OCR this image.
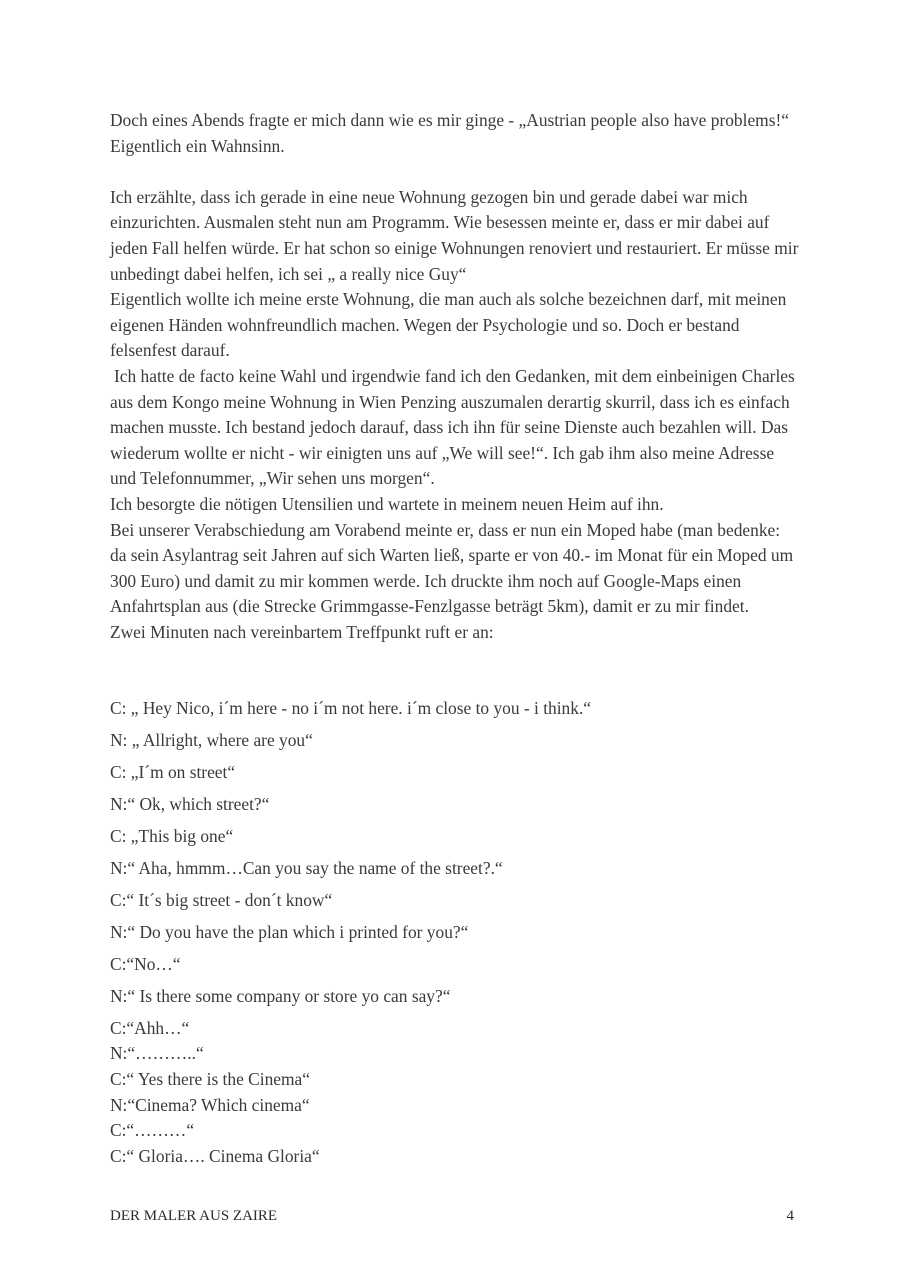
Doch eines Abends fragte er mich dann wie es mir ginge - „Austrian people also have problems!“ Eigentlich ein Wahnsinn.

Ich erzählte, dass ich gerade in eine neue Wohnung gezogen bin und gerade dabei war mich einzurichten. Ausmalen steht nun am Programm. Wie besessen meinte er, dass er mir dabei auf jeden Fall helfen würde. Er hat schon so einige Wohnungen renoviert und restauriert. Er müsse mir unbedingt dabei helfen, ich sei „ a really nice Guy“

Eigentlich wollte ich meine erste Wohnung, die man auch als solche bezeichnen darf, mit meinen eigenen Händen wohnfreundlich machen. Wegen der Psychologie und so. Doch er bestand felsenfest darauf.

Ich hatte de facto keine Wahl und irgendwie fand ich den Gedanken, mit dem einbeinigen Charles aus dem Kongo meine Wohnung in Wien Penzing auszumalen derartig skurril, dass ich es einfach machen musste. Ich bestand jedoch darauf, dass ich ihn für seine Dienste auch bezahlen will. Das wiederum wollte er nicht - wir einigten uns auf „We will see!“. Ich gab ihm also meine Adresse und Telefonnummer, „Wir sehen uns morgen“.

Ich besorgte die nötigen Utensilien und wartete in meinem neuen Heim auf ihn.

Bei unserer Verabschiedung am Vorabend meinte er, dass er nun ein Moped habe (man bedenke: da sein Asylantrag seit Jahren auf sich Warten ließ, sparte er von 40.- im Monat für ein Moped um 300 Euro) und damit zu mir kommen werde. Ich druckte ihm noch auf Google-Maps einen Anfahrtsplan aus (die Strecke Grimmgasse-Fenzlgasse beträgt 5km), damit er zu mir findet.

Zwei Minuten nach vereinbartem Treffpunkt ruft er an:

C: „ Hey Nico, i´m here - no i´m not here. i´m close to you - i think.“

N: „ Allright, where are you“

C: „I´m on street“

N:“ Ok, which street?“

C: „This big one“

N:“ Aha, hmmm…Can you say the name of the street?.“

C:“ It´s big street - don´t know“

N:“ Do you have the plan which i printed for you?“

C:“No…“

N:“ Is there some company or store yo can say?“

C:“Ahh…“

N:“………..“

C:“ Yes there is the Cinema“

N:“Cinema? Which cinema“

C:“………“

C:“ Gloria…. Cinema Gloria“

DER MALER AUS ZAIRE	4
